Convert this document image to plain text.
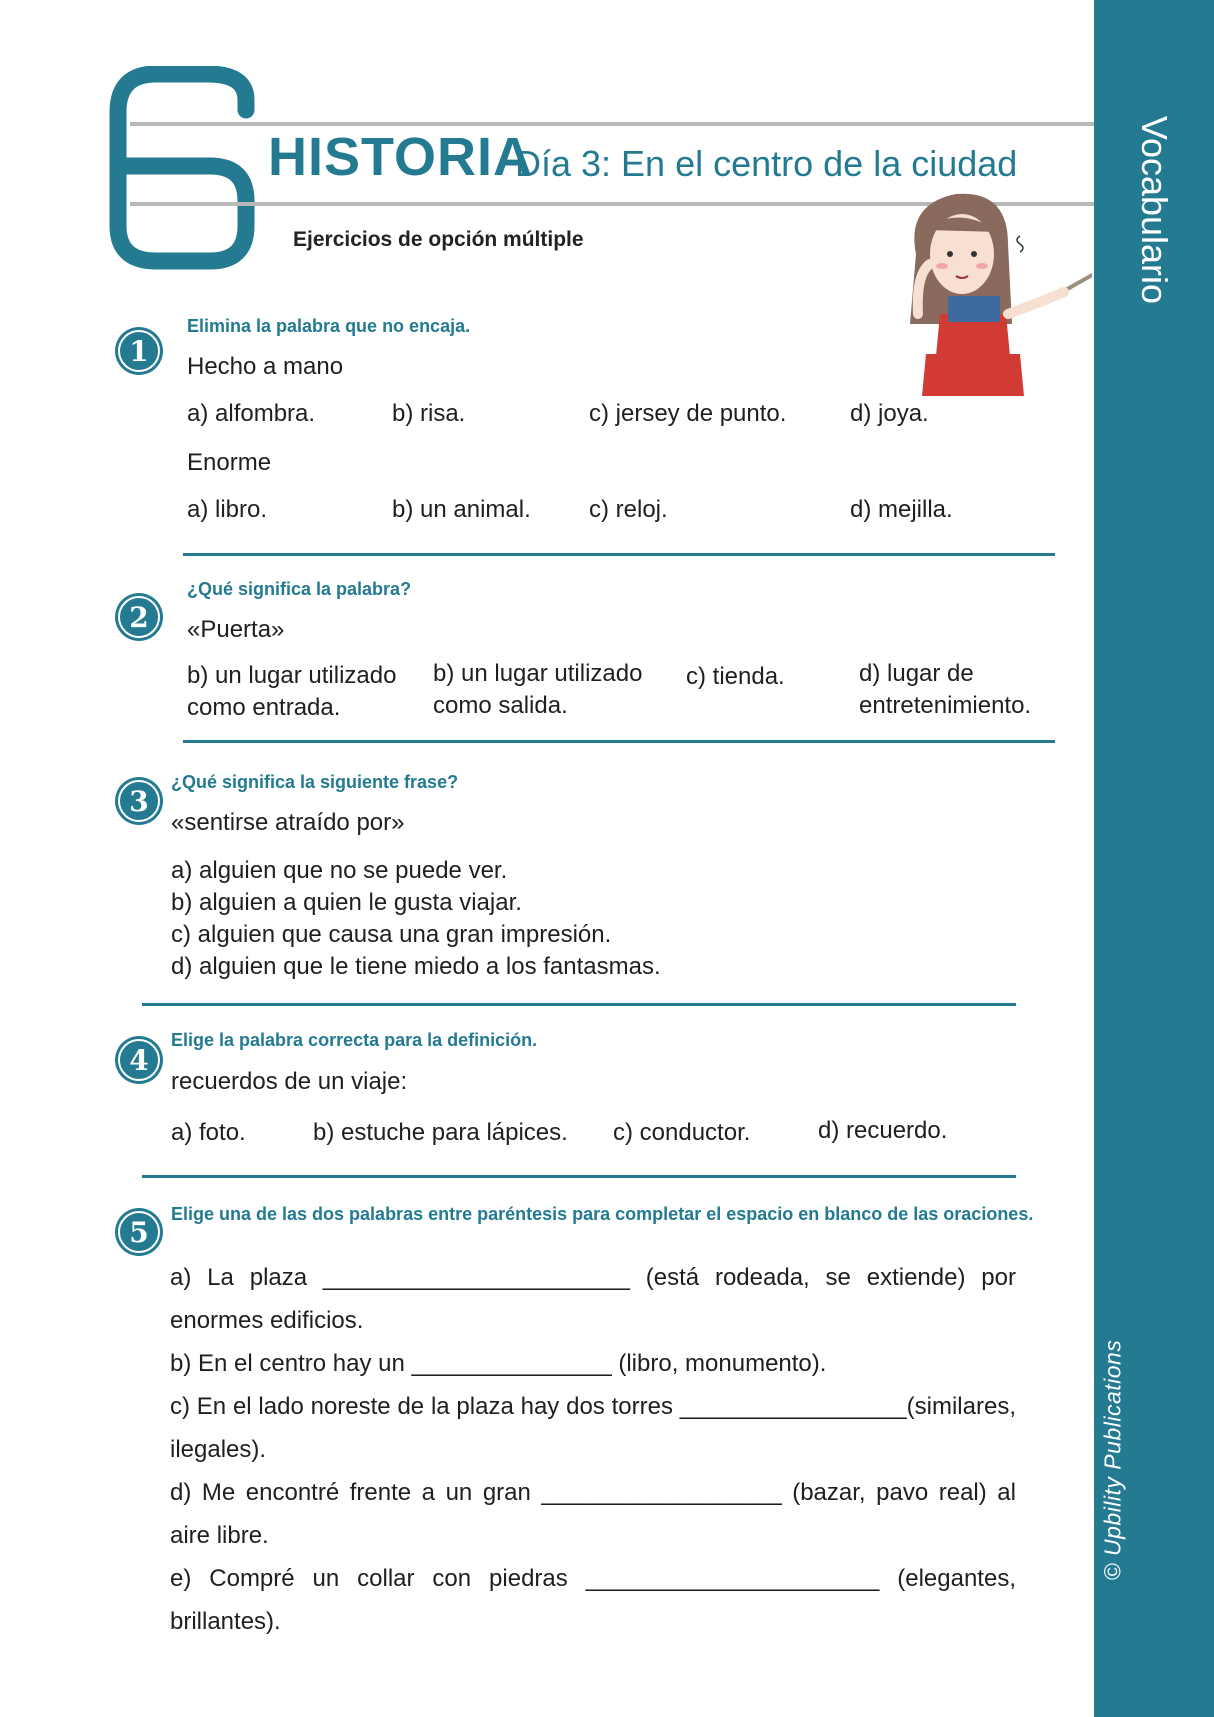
Vocabulario
© Upbility Publications
HISTORIA
Día 3: En el centro de la ciudad
Ejercicios de opción múltiple
1
Elimina la palabra que no encaja.
Hecho a mano
a) alfombra.	b) risa.	c) jersey de punto.	d) joya.
Enorme
a) libro.	b) un animal. c) reloj.	d) mejilla.
2
¿Qué significa la palabra?
«Puerta»
b) un lugar utilizado
como entrada.
b) un lugar utilizado
como salida.
c) tienda.	d) lugar de
entretenimiento.
3
¿Qué significa la siguiente frase?
«sentirse atraído por»
a) alguien que no se puede ver.
b) alguien a quien le gusta viajar.
c) alguien que causa una gran impresión.
d) alguien que le tiene miedo a los fantasmas.
4
Elige la palabra correcta para la definición.
recuerdos de un viaje:
a) foto.	b) estuche para lápices. c) conductor.	d) recuerdo.
5
Elige una de las dos palabras entre paréntesis para completar el espacio en blanco de las oraciones.
a) La plaza _______________________ (está rodeada, se extiende) por enormes edificios.
b) En el centro hay un _______________ (libro, monumento).
c) En el lado noreste de la plaza hay dos torres _________________(similares, ilegales).
d) Me encontré frente a un gran __________________ (bazar, pavo real) al aire libre.
e) Compré un collar con piedras ______________________ (elegantes, brillantes).
